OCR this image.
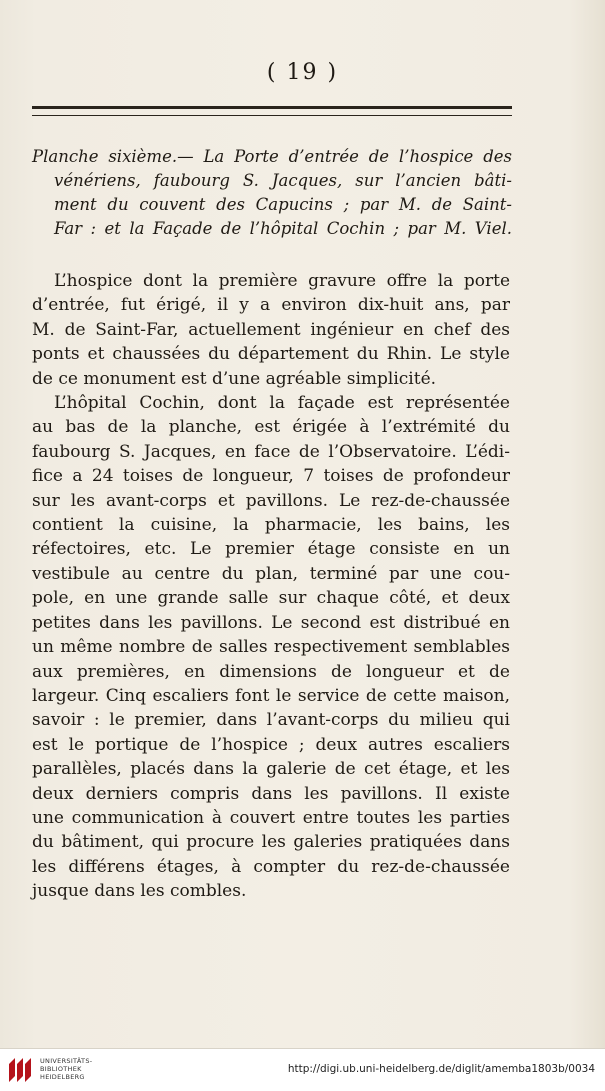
( 19 )
Planche sixième.— La Porte d’entrée de l’hospice des
vénériens, faubourg S. Jacques, sur l’ancien bâti-
ment du couvent des Capucins ; par M. de Saint-
Far : et la Façade de l’hôpital Cochin ; par M. Viel.
L’hospice dont la première gravure offre la porte
d’entrée, fut érigé, il y a environ dix-huit ans, par
M. de Saint-Far, actuellement ingénieur en chef des
ponts et chaussées du département du Rhin. Le style
de ce monument est d’une agréable simplicité.
L’hôpital Cochin, dont la façade est représentée
au bas de la planche, est érigée à l’extrémité du
faubourg S. Jacques, en face de l’Observatoire. L’édi-
fice a 24 toises de longueur, 7 toises de profondeur
sur les avant-corps et pavillons. Le rez-de-chaussée
contient la cuisine, la pharmacie, les bains, les
réfectoires, etc. Le premier étage consiste en un
vestibule au centre du plan, terminé par une cou-
pole, en une grande salle sur chaque côté, et deux
petites dans les pavillons. Le second est distribué en
un même nombre de salles respectivement semblables
aux premières, en dimensions de longueur et de
largeur. Cinq escaliers font le service de cette maison,
savoir : le premier, dans l’avant-corps du milieu qui
est le portique de l’hospice ; deux autres escaliers
parallèles, placés dans la galerie de cet étage, et les
deux derniers compris dans les pavillons. Il existe
une communication à couvert entre toutes les parties
du bâtiment, qui procure les galeries pratiquées dans
les différens étages, à compter du rez-de-chaussée
jusque dans les combles.
UNIVERSITÄTS-
BIBLIOTHEK
HEIDELBERG
http://digi.ub.uni-heidelberg.de/diglit/amemba1803b/0034
